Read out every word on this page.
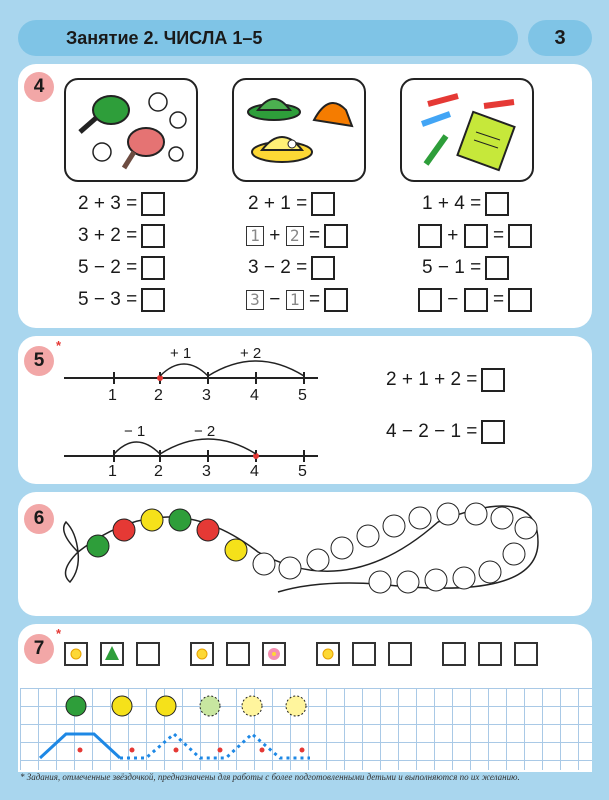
Занятие 2. ЧИСЛА 1–5	3
4
2 + 3 =
3 + 2 =
5 − 2 =
5 − 3 =
2 + 1 =
1 + 2 =
3 − 2 =
3 − 1 =
1 + 4 =
+ =
5 − 1 =
− =
5
*	+ 1	+ 2
1 2 3 4 5
− 1	− 2
1 2 3 4 5
2 + 1 + 2 =
4 − 2 − 1 =
6
7
*
* Задания, отмеченные звёздочкой, предназначены для работы с более подготовленными детьми и выполняются по их желанию.
